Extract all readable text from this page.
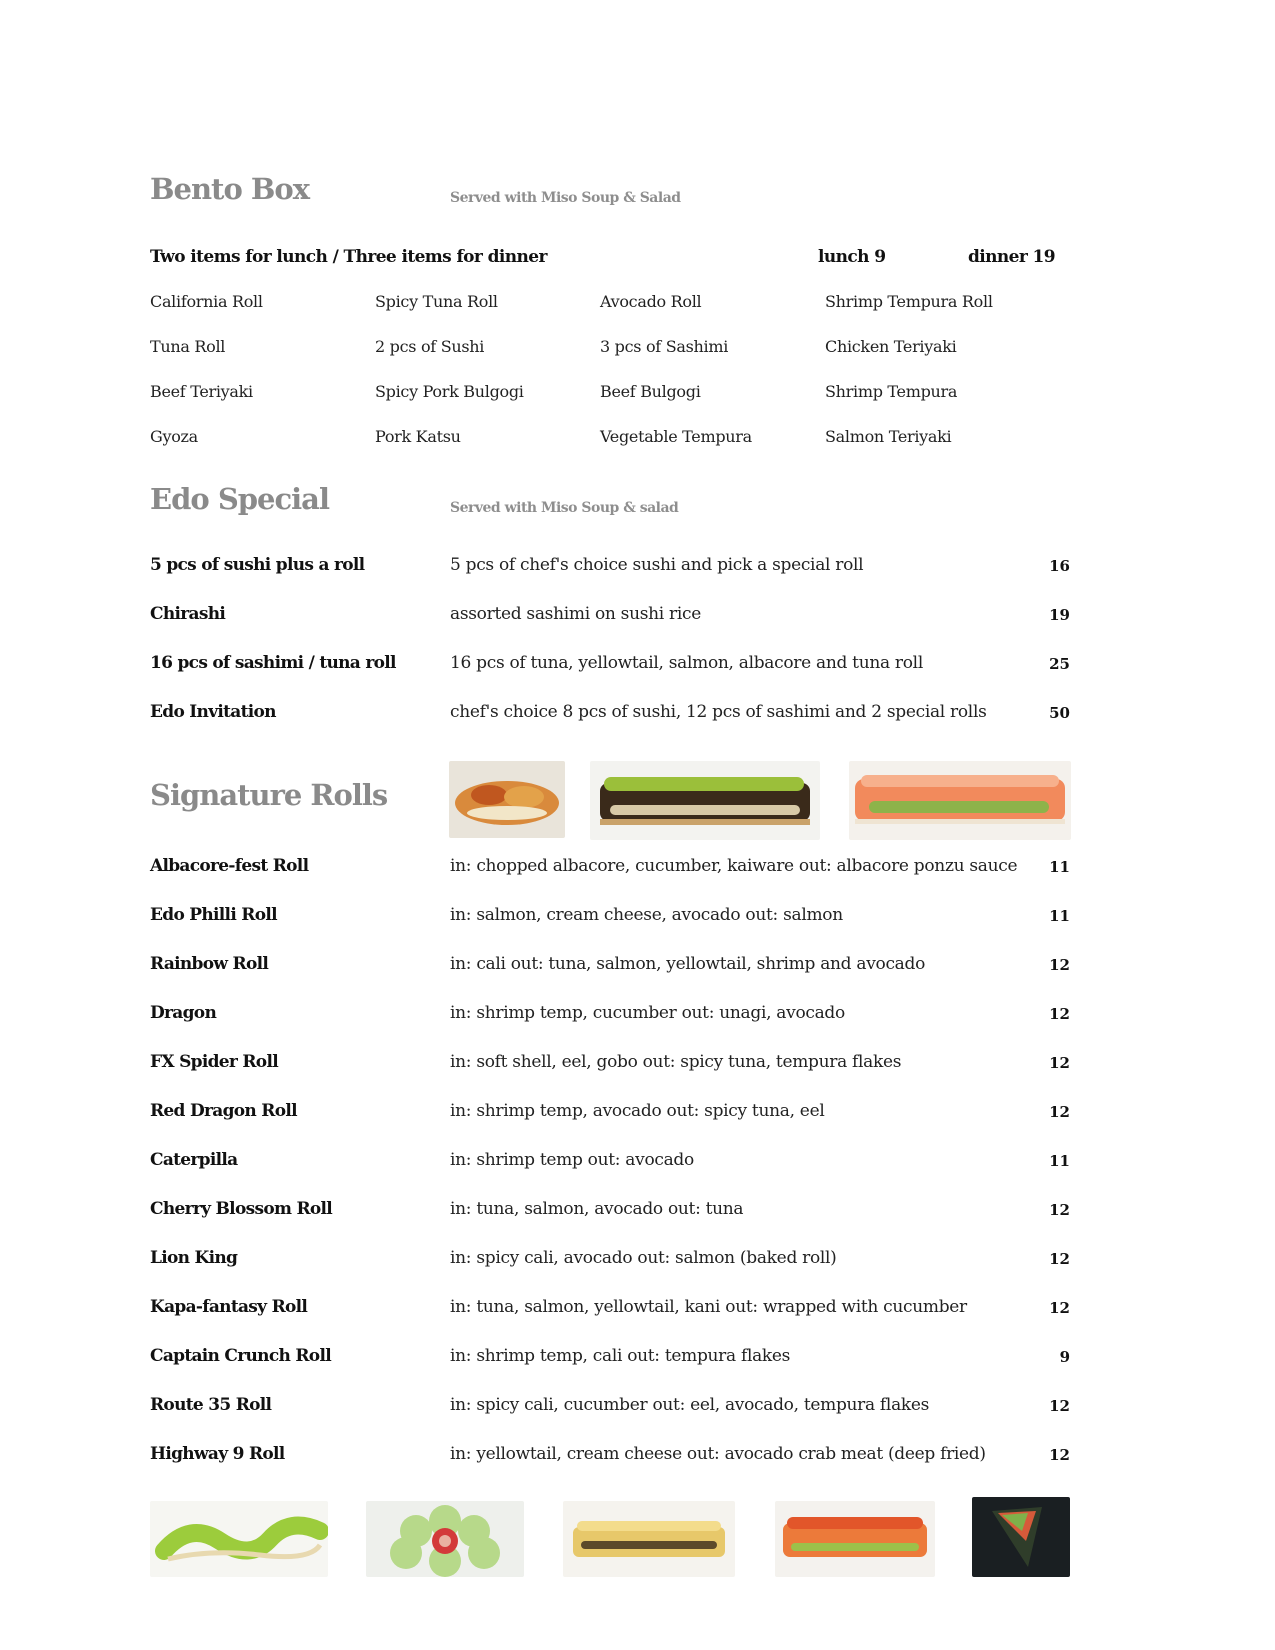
Bento Box	Served with Miso Soup & Salad
Two items for lunch / Three items for dinner	lunch 9	dinner 19
California Roll	Spicy Tuna Roll	Avocado Roll	Shrimp Tempura Roll
Tuna Roll	2 pcs of Sushi	3 pcs of Sashimi	Chicken Teriyaki
Beef Teriyaki	Spicy Pork Bulgogi	Beef Bulgogi	Shrimp Tempura
Gyoza	Pork Katsu	Vegetable Tempura	Salmon Teriyaki
Edo Special	Served with Miso Soup & salad
5 pcs of sushi plus a roll	5 pcs of chef's choice sushi and pick a special roll	16
Chirashi	assorted sashimi on sushi rice	19
16 pcs of sashimi / tuna roll	16 pcs of tuna, yellowtail, salmon, albacore and tuna roll	25
Edo Invitation	chef's choice 8 pcs of sushi, 12 pcs of sashimi and 2 special rolls	50
Signature Rolls
Albacore-fest Roll	in: chopped albacore, cucumber, kaiware out: albacore ponzu sauce	11
Edo Philli Roll	in: salmon, cream cheese, avocado out: salmon	11
Rainbow Roll	in: cali out: tuna, salmon, yellowtail, shrimp and avocado	12
Dragon	in: shrimp temp, cucumber out: unagi, avocado	12
FX Spider Roll	in: soft shell, eel, gobo out: spicy tuna, tempura flakes	12
Red Dragon Roll	in: shrimp temp, avocado out: spicy tuna, eel	12
Caterpilla	in: shrimp temp out: avocado	11
Cherry Blossom Roll	in: tuna, salmon, avocado out: tuna	12
Lion King	in: spicy cali, avocado out: salmon (baked roll)	12
Kapa-fantasy Roll	in: tuna, salmon, yellowtail, kani out: wrapped with cucumber	12
Captain Crunch Roll	in: shrimp temp, cali out: tempura flakes	9
Route 35 Roll	in: spicy cali, cucumber out: eel, avocado, tempura flakes	12
Highway 9 Roll	in: yellowtail, cream cheese out: avocado crab meat (deep fried)	12
